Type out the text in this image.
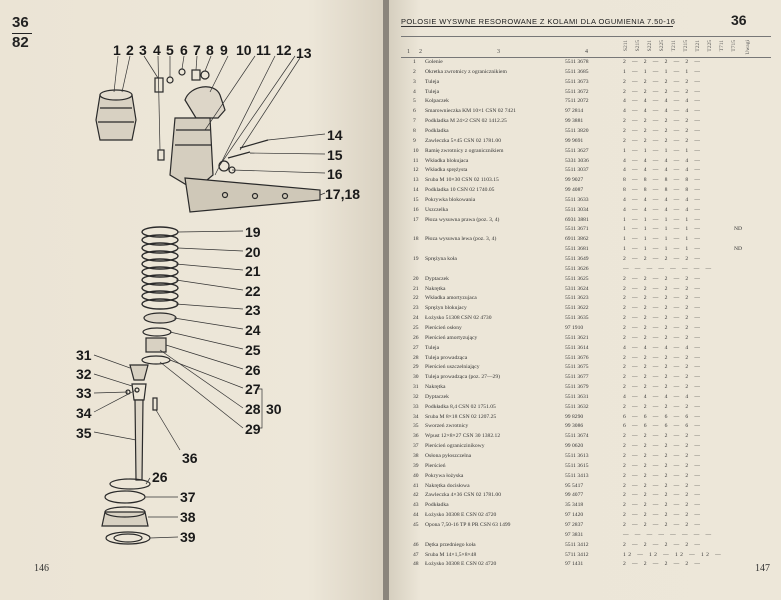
36
82	1 2 3 4 5 6 7 8 9 10 11 12 13
14
15
16
17,18
19
20
21
22
23
24
25
26
27
28
29
30
31
32
33
34
35
36
26
37
38
39
146
POLOSIE WYSWNE RESOROWANE Z KOLAMI DLA OGUMIENIA 7.50-16	36
1 2	3	4
S211 S215 S221 S225 T211 T215 T221 T225 T711 T715 Uwagi
1 Golenie	5511 3678	2 — 2 — 2 — 2 —
2 Okretka zwrotnicy z ogranicznikiem	5511 3685	1 — 1 — 1 — 1 —
3 Tuleja	5511 3673	2 — 2 — 2 — 2 —
4 Tuleja	5511 3672	2 — 2 — 2 — 2 —
5 Kolpaczek	7511 2072	4 — 4 — 4 — 4 —
6 Smarownieczka KM 10×1 CSN 02 7421	97 2814	4 — 4 — 4 — 4 —
7 Podkladka M 24×2 CSN 02 1412.25	99 3881	2 — 2 — 2 — 2 —
8 Podkladka	5511 3820	2 — 2 — 2 — 2 —
9 Zawleczka 5×45 CSN 02 1781.00	99 9691	2 — 2 — 2 — 2 —
10 Ramię zwrotnicy z ogranicznikiem	5511 3627	1 — 1 — 1 — 1 —
11 Wkładka blokujaca	5331 3036	4 — 4 — 4 — 4 —
12 Wkładka sprężysta	5511 3037	4 — 4 — 4 — 4 —
13 Sruba M 10×30 CSN 02 1103.15	99 9027	8 — 8 — 8 — 8 —
14 Podkladka 10 CSN 02 1740.05	99 4087	8 — 8 — 8 — 8 —
15 Pokrywka blokowania	5511 3633	4 — 4 — 4 — 4 —
16 Uszczelka	5511 3034	4 — 4 — 4 — 4 —
17 Płoza wysuwna prawa (poz. 3, 4)	6931 3881	1 — 1 — 1 — 1 —
5511 3671	1 — 1 — 1 — 1 —	ND
18 Płoza wysuwna lewa (poz. 3, 4)	6911 3862	1 — 1 — 1 — 1 —
5511 3681	1 — 1 — 1 — 1 —	ND
19 Sprężyna koła	5511 3649	2 — 2 — 2 — 2 —
5511 3626	— — — — — — — —
20 Dyptaczek	5511 3625	2 — 2 — 2 — 2 —
21 Nakrętka	5311 3624	2 — 2 — 2 — 2 —
22 Wkładka amortyzujaca	5511 3623	2 — 2 — 2 — 2 —
23 Sprężyn blokujacy	5511 3622	2 — 2 — 2 — 2 —
24 Łożysko 51308 CSN 02 4730	5511 3635	2 — 2 — 2 — 2 —
25 Pierścień osłony	97 1910	2 — 2 — 2 — 2 —
26 Pierścień amortyzujący	5511 3621	2 — 2 — 2 — 2 —
27 Tuleja	5511 3614	4 — 4 — 4 — 4 —
28 Tuleja prowadząca	5511 3676	2 — 2 — 2 — 2 —
29 Pierścień uszczelniający	5511 3675	2 — 2 — 2 — 2 —
30 Tuleja prowadząca (poz. 27—29)	5511 3677	2 — 2 — 2 — 2 —
31 Nakrętka	5511 3679	2 — 2 — 2 — 2 —
32 Dyptaczek	5511 3631	4 — 4 — 4 — 4 —
33 Podkładka 8,4 CSN 02 1751.05	5511 3632	2 — 2 — 2 — 2 —
34 Sruba M 8×18 CSN 02 1207.25	99 8290	6 — 6 — 6 — 6 —
35 Sworzeń zwrotnicy	99 3086	6 — 6 — 6 — 6 —
36 Wpust 12×8×27 CSN 30 1382.12	5511 3674	2 — 2 — 2 — 2 —
37 Pierścień ograniczinikowy	99 0620	2 — 2 — 2 — 2 —
38 Osłona pyłoszczelna	5511 3613	2 — 2 — 2 — 2 —
39 Pierścień	5511 3615	2 — 2 — 2 — 2 —
40 Pokrywa łożyska	5511 3413	2 — 2 — 2 — 2 —
41 Nakrętka docisłowa	95 5417	2 — 2 — 2 — 2 —
42 Zawleczka 4×36 CSN 02 1781.00	99 4077	2 — 2 — 2 — 2 —
43 Podkładka	35 3418	2 — 2 — 2 — 2 —
44 Łożysko 30308 E CSN 02 4720	97 1420	2 — 2 — 2 — 2 —
45 Opona 7,50-16 TP 8 PR CSN 63 1499	97 2837	2 — 2 — 2 — 2 —
97 3831	— — — — — — — —
46 Dętka przedniego koła	5511 3412	2 — 2 — 2 — 2 —
47 Sruba M 14×1,5×8×48	5711 3412	12 — 12 — 12 — 12 —
48 Łożysko 30308 E CSN 02 4720	97 1431	2 — 2 — 2 — 2 —	147
